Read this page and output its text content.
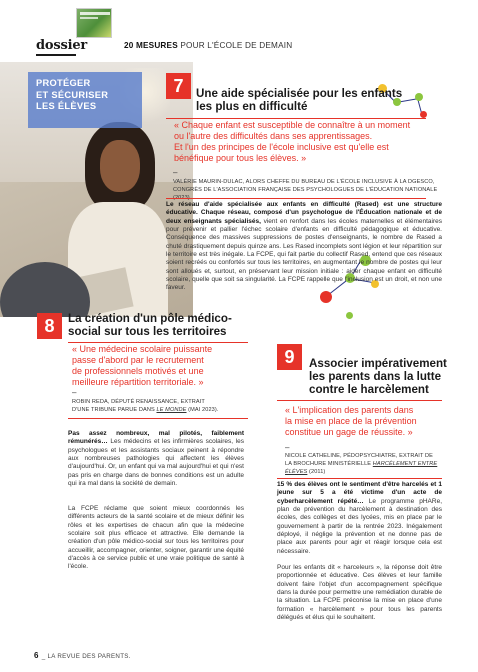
dossier	20 MESURES POUR L'ÉCOLE DE DEMAIN
PROTÉGER
ET SÉCURISER
LES ÉLÈVES
7	Une aide spécialisée pour les enfants
les plus en difficulté
« Chaque enfant est susceptible de connaître à un moment
ou l'autre des difficultés dans ses apprentissages.
Et l'un des principes de l'école inclusive est qu'elle est
bénéfique pour tous les élèves. »
–
VALÉRIE MAURIN-DULAC, ALORS CHEFFE DU BUREAU DE L'ÉCOLE INCLUSIVE À LA DGESCO,
CONGRÈS DE L'ASSOCIATION FRANÇAISE DES PSYCHOLOGUES DE L'ÉDUCATION NATIONALE
Le réseau d'aide spécialisée aux enfants en difficulté (Rased) est une structure éducative. Chaque réseau, composé d'un psychologue de l'Éducation nationale et de deux enseignants spécialisés, vient en renfort dans les écoles maternelles et élémentaires pour prévenir et pallier l'échec scolaire d'enfants en difficulté pédagogique et éducative. Conséquence des massives suppressions de postes d'enseignants, le nombre de Rased a chuté drastiquement depuis quinze ans. Les Rased incomplets sont légion et leur répartition sur le territoire est très inégale. La FCPE, qui fait partie du collectif Rased, entend que ces réseaux soient recréés ou confortés sur tous les territoires, en augmentant le nombre de postes qui leur sont alloués et, surtout, en préservant leur mission initiale : aider chaque enfant en difficulté scolaire, quelle que soit sa singularité. La FCPE rappelle que l'inclusion est un droit, et non une faveur.
8	La création d'un pôle médico-
social sur tous les territoires
« Une médecine scolaire puissante
passe d'abord par le recrutement
de professionnels motivés et une
meilleure répartition territoriale. »
–
ROBIN REDA, DÉPUTÉ RENAISSANCE, EXTRAIT
D'UNE TRIBUNE PARUE DANS LE MONDE (MAI 2023).
Pas assez nombreux, mal pilotés, faiblement rémunérés… Les médecins et les infirmières scolaires, les psychologues et les assistants sociaux peinent à répondre aux nombreuses pathologies qui affectent les élèves d'aujourd'hui. Or, un enfant qui va mal aujourd'hui et qui n'est pas pris en charge dans de bonnes conditions est un adulte qui ira mal dans la société de demain.
La FCPE réclame que soient mieux coordonnés les différents acteurs de la santé scolaire et de mieux définir les rôles et les expertises de chacun afin que la médecine scolaire soit plus efficace et attractive. Elle demande la création d'un pôle médico-social sur tous les territoires pour accueillir, accompagner, orienter, soigner, garantir une équité d'accès à ce service public et une vraie politique de santé à l'école.
9	Associer impérativement
les parents dans la lutte
contre le harcèlement
« L'implication des parents dans
la mise en place de la prévention
constitue un gage de réussite. »
–
NICOLE CATHELINE, PÉDOPSYCHIATRE, EXTRAIT DE
LA BROCHURE MINISTÉRIELLE HARCÈLEMENT ENTRE
ÉLÈVES (2011)
15 % des élèves ont le sentiment d'être harcelés et 1 jeune sur 5 a été victime d'un acte de cyberharcèlement répété… Le programme pHARe, plan de prévention du harcèlement à destination des écoles, des collèges et des lycées, mis en place par le gouvernement à partir de la rentrée 2023. Inégalement déployé, il néglige la prévention et ne donne pas de place aux parents pour agir et réagir lorsque cela est nécessaire.
Pour les enfants dit « harceleurs », la réponse doit être proportionnée et éducative. Ces élèves et leur famille doivent faire l'objet d'un accompagnement spécifique dans la durée pour permettre une remédiation durable de la situation. La FCPE préconise la mise en place d'une formation « harcèlement » pour tous les parents délégués et élus qui le souhaitent.
6 _ LA REVUE DES PARENTS.
